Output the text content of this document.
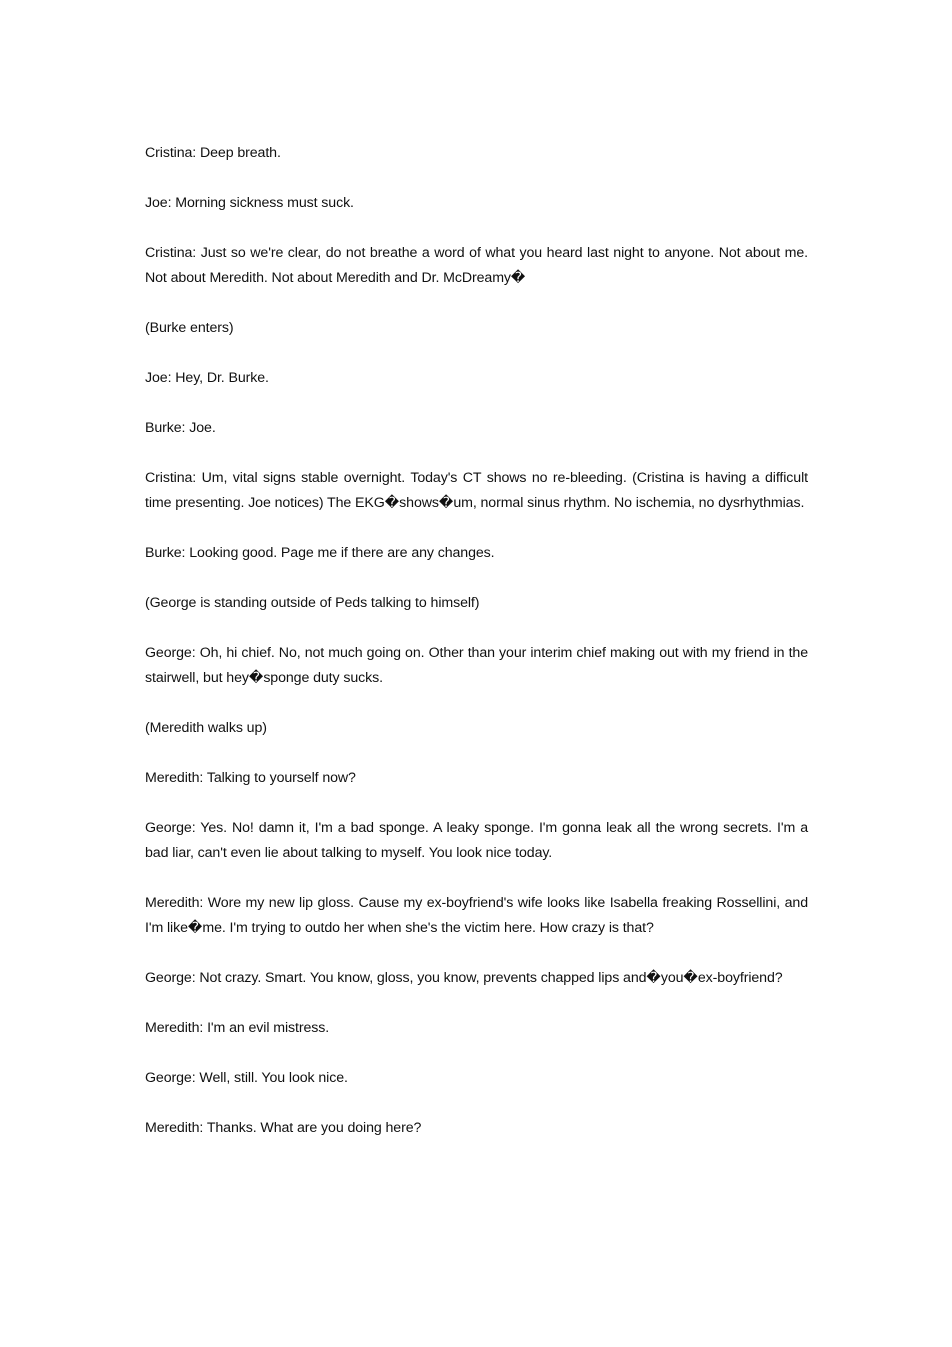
Cristina: Deep breath.

Joe: Morning sickness must suck.

Cristina: Just so we're clear, do not breathe a word of what you heard last night to anyone. Not about me. Not about Meredith. Not about Meredith and Dr. McDreamy�

(Burke enters)

Joe: Hey, Dr. Burke.

Burke: Joe.

Cristina: Um, vital signs stable overnight. Today's CT shows no re-bleeding. (Cristina is having a difficult time presenting. Joe notices) The EKG�shows�um, normal sinus rhythm. No ischemia, no dysrhythmias.

Burke: Looking good. Page me if there are any changes.

(George is standing outside of Peds talking to himself)

George: Oh, hi chief. No, not much going on. Other than your interim chief making out with my friend in the stairwell, but hey�sponge duty sucks.

(Meredith walks up)

Meredith: Talking to yourself now?

George: Yes. No! damn it, I'm a bad sponge. A leaky sponge. I'm gonna leak all the wrong secrets. I'm a bad liar, can't even lie about talking to myself. You look nice today.

Meredith: Wore my new lip gloss. Cause my ex-boyfriend's wife looks like Isabella freaking Rossellini, and I'm like�me. I'm trying to outdo her when she's the victim here. How crazy is that?

George: Not crazy. Smart. You know, gloss, you know, prevents chapped lips and�you�ex-boyfriend?

Meredith: I'm an evil mistress.

George: Well, still. You look nice.

Meredith: Thanks. What are you doing here?
